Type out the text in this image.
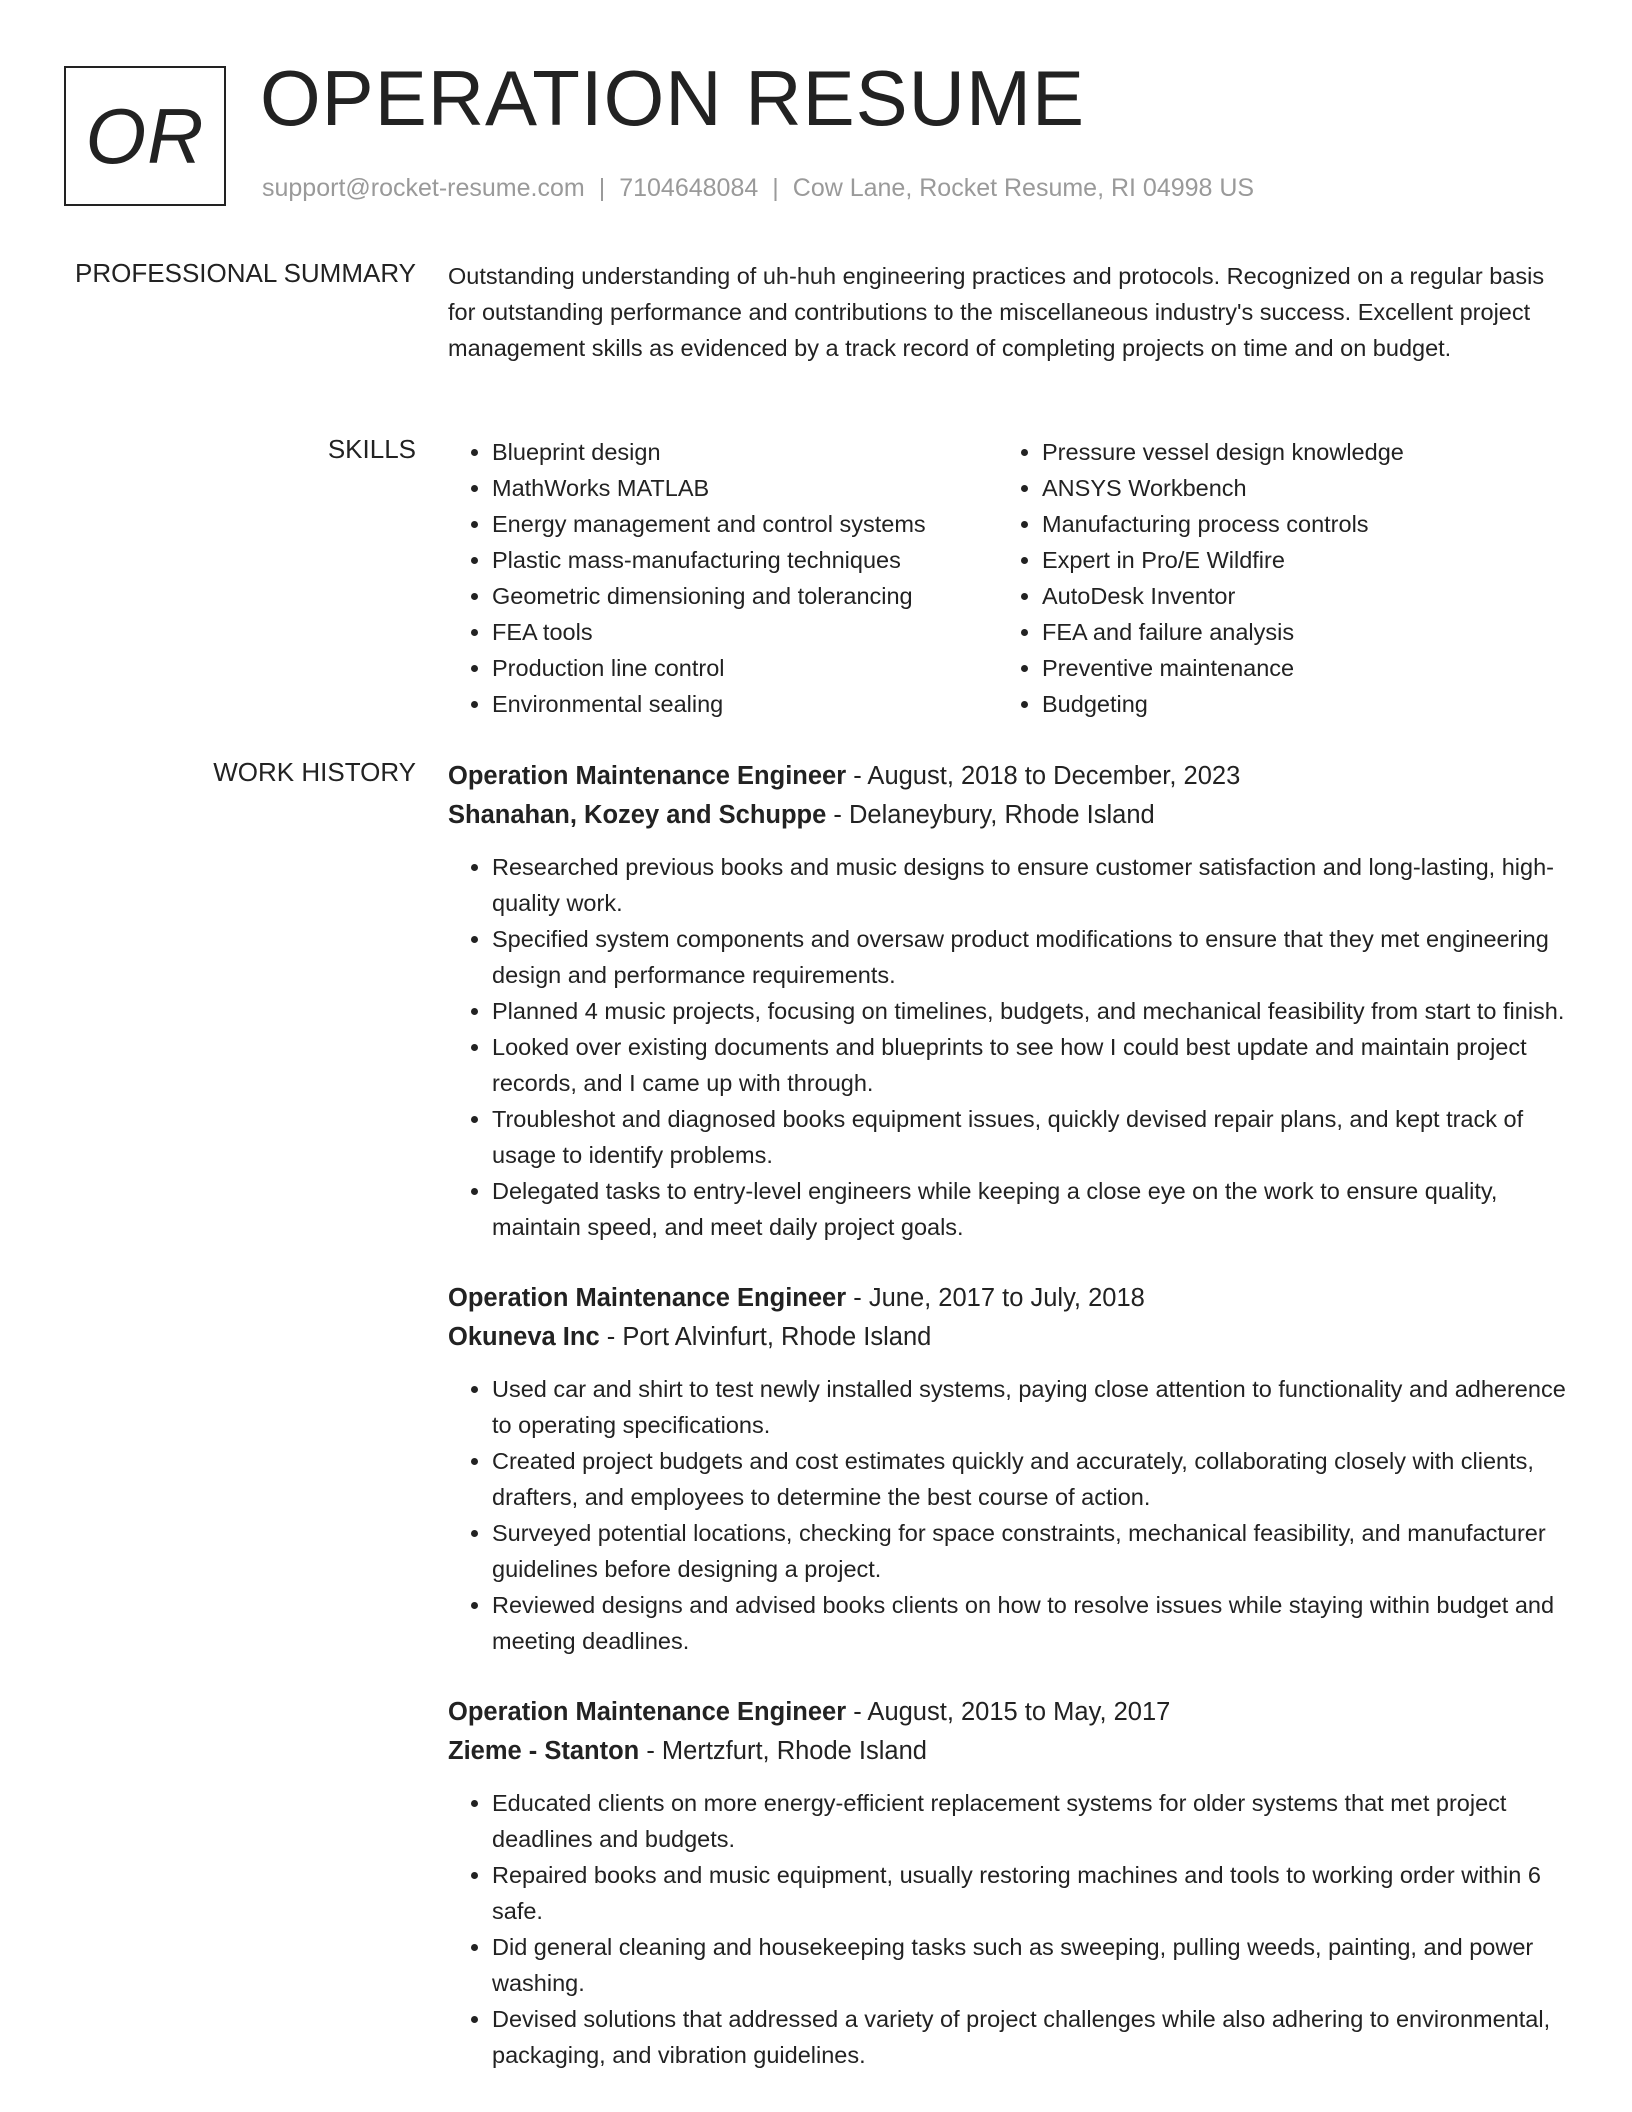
OR OPERATION RESUME
support@rocket-resume.com | 7104648084 | Cow Lane, Rocket Resume, RI 04998 US
PROFESSIONAL SUMMARY Outstanding understanding of uh-huh engineering practices and protocols. Recognized on a regular basis for outstanding performance and contributions to the miscellaneous industry's success. Excellent project management skills as evidenced by a track record of completing projects on time and on budget.

SKILLS
•	Blueprint design
• MathWorks MATLAB
• Energy management and control systems
• Plastic mass-manufacturing techniques
• Geometric dimensioning and tolerancing
• FEA tools
• Production line control
• Environmental sealing
• Pressure vessel design knowledge
• ANSYS Workbench
• Manufacturing process controls
• Expert in Pro/E Wildfire
• AutoDesk Inventor
• FEA and failure analysis
• Preventive maintenance
• Budgeting
WORK HISTORY Operation Maintenance Engineer - August, 2018 to December, 2023
Shanahan, Kozey and Schuppe - Delaneybury, Rhode Island
• Researched previous books and music designs to ensure customer satisfaction and long-lasting, high-quality work.
• Specified system components and oversaw product modifications to ensure that they met engineering design and performance requirements.
• Planned 4 music projects, focusing on timelines, budgets, and mechanical feasibility from start to finish.
• Looked over existing documents and blueprints to see how I could best update and maintain project records, and I came up with through.
• Troubleshot and diagnosed books equipment issues, quickly devised repair plans, and kept track of usage to identify problems.
• Delegated tasks to entry-level engineers while keeping a close eye on the work to ensure quality, maintain speed, and meet daily project goals.
Operation Maintenance Engineer - June, 2017 to July, 2018
Okuneva Inc - Port Alvinfurt, Rhode Island
• Used car and shirt to test newly installed systems, paying close attention to functionality and adherence to operating specifications.
• Created project budgets and cost estimates quickly and accurately, collaborating closely with clients, drafters, and employees to determine the best course of action.
• Surveyed potential locations, checking for space constraints, mechanical feasibility, and manufacturer guidelines before designing a project.
• Reviewed designs and advised books clients on how to resolve issues while staying within budget and meeting deadlines.
Operation Maintenance Engineer - August, 2015 to May, 2017
Zieme - Stanton - Mertzfurt, Rhode Island
• Educated clients on more energy-efficient replacement systems for older systems that met project deadlines and budgets.
• Repaired books and music equipment, usually restoring machines and tools to working order within 6 safe.
• Did general cleaning and housekeeping tasks such as sweeping, pulling weeds, painting, and power washing.
• Devised solutions that addressed a variety of project challenges while also adhering to environmental, packaging, and vibration guidelines.
